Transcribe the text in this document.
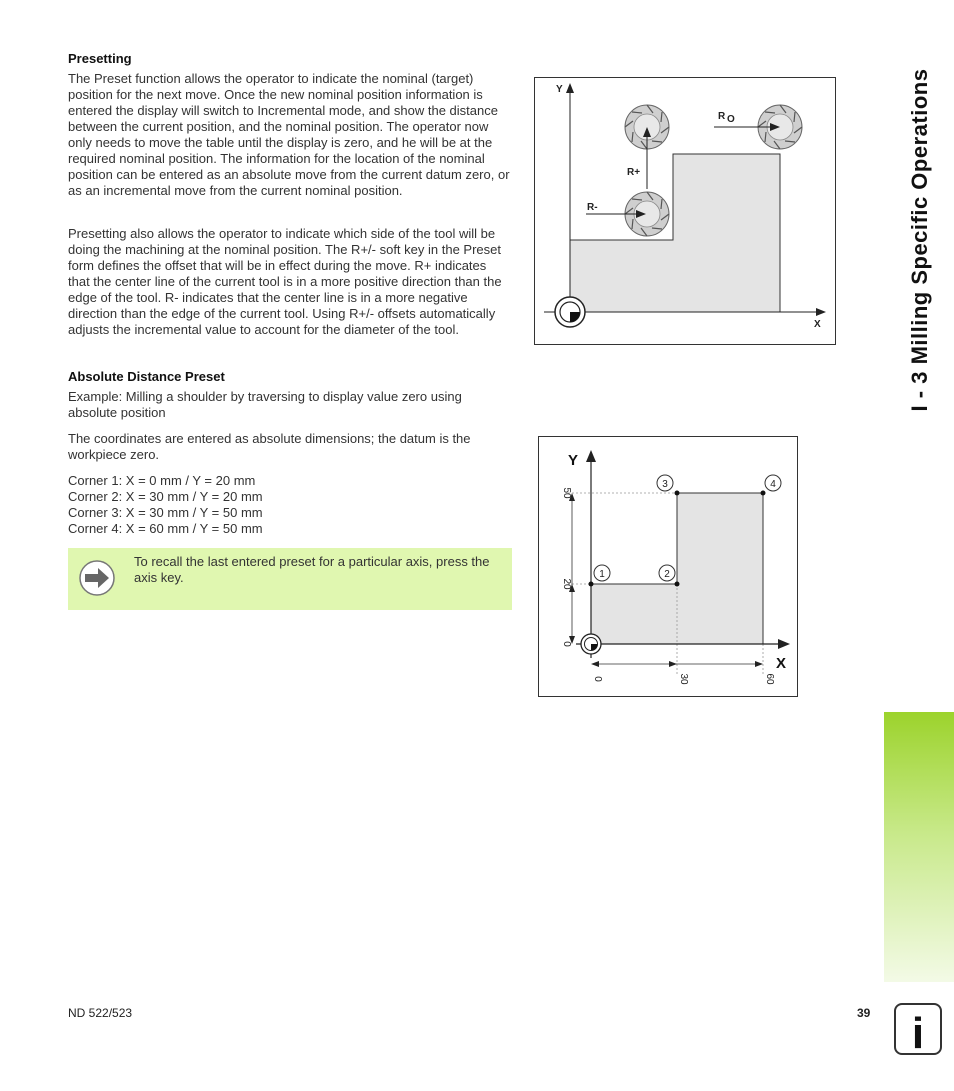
I - 3 Milling Specific Operations
Presetting
The Preset function allows the operator to indicate the nominal (target) position for the next move. Once the new nominal position information is entered the display will switch to Incremental mode, and show the distance between the current position, and the nominal position. The operator now only needs to move the table until the display is zero, and he will be at the required nominal position. The information for the location of the nominal position can be entered as an absolute move from the current datum zero, or as an incremental move from the current nominal position.
Presetting also allows the operator to indicate which side of the tool will be doing the machining at the nominal position. The R+/- soft key in the Preset form defines the offset that will be in effect during the move. R+ indicates that the center line of the current tool is in a more positive direction than the edge of the tool. R- indicates that the center line is in a more negative direction than the edge of the current tool. Using R+/- offsets automatically adjusts the incremental value to account for the diameter of the tool.
Absolute Distance Preset
Example: Milling a shoulder by traversing to display value zero using absolute position
The coordinates are entered as absolute dimensions; the datum is the workpiece zero.
Corner 1: X = 0 mm / Y = 20 mm
Corner 2: X = 30 mm / Y = 20 mm
Corner 3: X = 30 mm / Y = 50 mm
Corner 4: X = 60 mm / Y = 50 mm
To recall the last entered preset for a particular axis, press the axis key.
Y
X
R+
R-
R O
Y
X
50
20
0
0	30	60
1	2
3	4
ND 522/523	39 i
